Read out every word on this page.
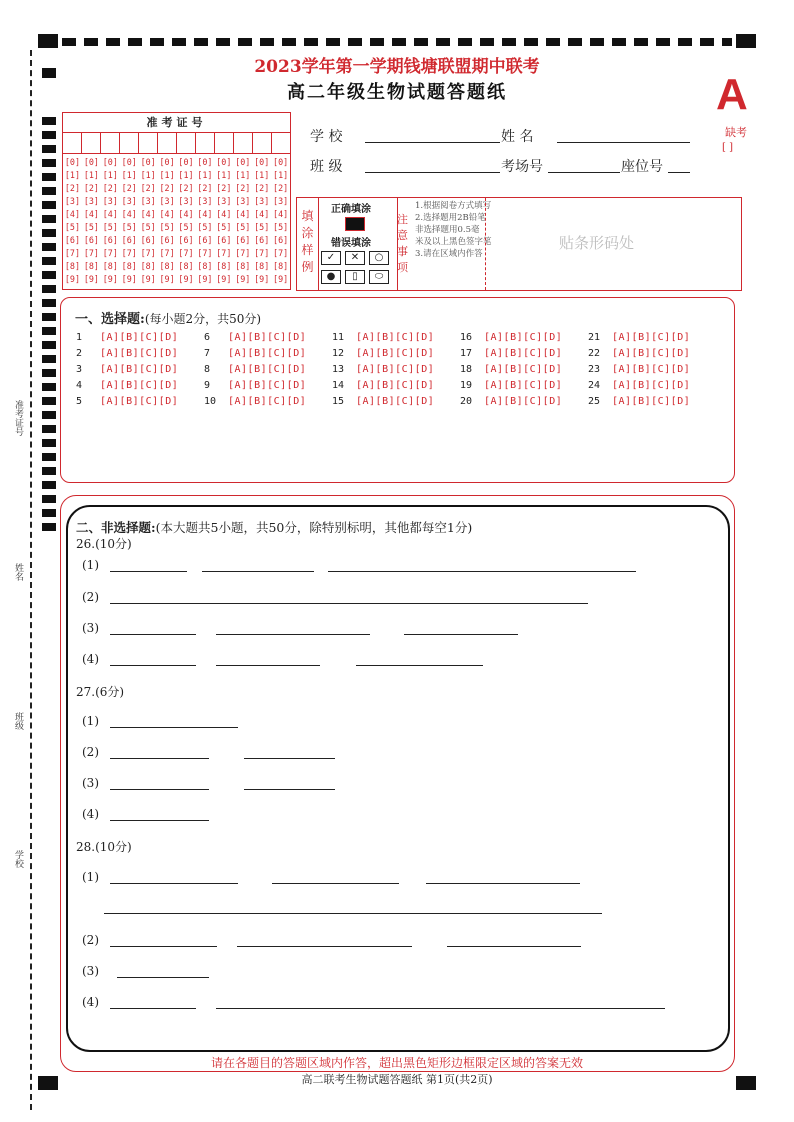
准考证号
姓名
班级
学校
2023学年第一学期钱塘联盟期中联考
高二年级生物试题答题纸	A
缺考
[ ]
准考证号
[0] [0] [0] [0] [0] [0] [0] [0] [0] [0] [0] [0]
[1] [1] [1] [1] [1] [1] [1] [1] [1] [1] [1] [1]
[2] [2] [2] [2] [2] [2] [2] [2] [2] [2] [2] [2]
[3] [3] [3] [3] [3] [3] [3] [3] [3] [3] [3] [3]
[4] [4] [4] [4] [4] [4] [4] [4] [4] [4] [4] [4]
[5] [5] [5] [5] [5] [5] [5] [5] [5] [5] [5] [5]
[6] [6] [6] [6] [6] [6] [6] [6] [6] [6] [6] [6]
[7] [7] [7] [7] [7] [7] [7] [7] [7] [7] [7] [7]
[8] [8] [8] [8] [8] [8] [8] [8] [8] [8] [8] [8]
[9] [9] [9] [9] [9] [9] [9] [9] [9] [9] [9] [9]
学 校	姓 名
班 级	考场号	座位号
填涂样例
正确填涂
错误填涂
✓	✕	○
●	▯	⬭
注意事项
1.根据阅卷方式填写
2.选择题用2B铅笔
非选择题用0.5毫
米及以上黑色签字笔
3.请在区域内作答
贴条形码处
一、选择题:(每小题2分，共50分)
1	[A][B][C][D]	6	[A][B][C][D]	11	[A][B][C][D]	16	[A][B][C][D]	21	[A][B][C][D]
2	[A][B][C][D]	7	[A][B][C][D]	12	[A][B][C][D]	17	[A][B][C][D]	22	[A][B][C][D]
3	[A][B][C][D]	8	[A][B][C][D]	13	[A][B][C][D]	18	[A][B][C][D]	23	[A][B][C][D]
4	[A][B][C][D]	9	[A][B][C][D]	14	[A][B][C][D]	19	[A][B][C][D]	24	[A][B][C][D]
5	[A][B][C][D]	10	[A][B][C][D]	15	[A][B][C][D]	20	[A][B][C][D]	25	[A][B][C][D]
二、非选择题:(本大题共5小题，共50分，除特别标明，其他都每空1分)
26.(10分)
(1)
(2)
(3)
(4)
27.(6分)
(1)
(2)
(3)
(4)
28.(10分)
(1)
(2)
(3)
(4)
请在各题目的答题区域内作答，超出黑色矩形边框限定区域的答案无效
高二联考生物试题答题纸 第1页(共2页)
